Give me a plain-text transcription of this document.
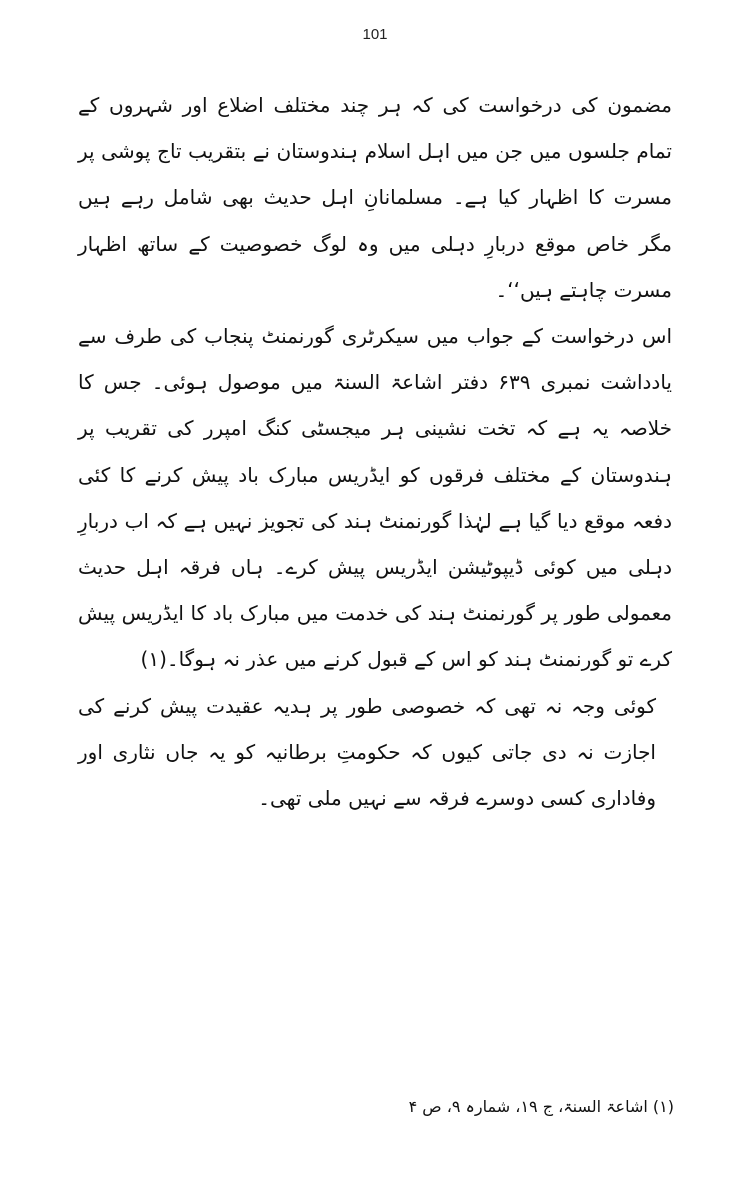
101

مضمون کی درخواست کی کہ ہر چند مختلف اضلاع اور شہروں کے تمام جلسوں میں جن میں اہل اسلام ہندوستان نے بتقریب تاج پوشی پر مسرت کا اظہار کیا ہے۔ مسلمانانِ اہل حدیث بھی شامل رہے ہیں مگر خاص موقع دربارِ دہلی میں وہ لوگ خصوصیت کے ساتھ اظہار مسرت چاہتے ہیں‘‘۔

اس درخواست کے جواب میں سیکرٹری گورنمنٹ پنجاب کی طرف سے یادداشت نمبری ۶۳۹ دفتر اشاعۃ السنۃ میں موصول ہوئی۔ جس کا خلاصہ یہ ہے کہ تخت نشینی ہر میجسٹی کنگ امپرر کی تقریب پر ہندوستان کے مختلف فرقوں کو ایڈریس مبارک باد پیش کرنے کا کئی دفعہ موقع دیا گیا ہے لہٰذا گورنمنٹ ہند کی تجویز نہیں ہے کہ اب دربارِ دہلی میں کوئی ڈیپوٹیشن ایڈریس پیش کرے۔ ہاں فرقہ اہل حدیث معمولی طور پر گورنمنٹ ہند کی خدمت میں مبارک باد کا ایڈریس پیش کرے تو گورنمنٹ ہند کو اس کے قبول کرنے میں عذر نہ ہوگا۔(۱)

کوئی وجہ نہ تھی کہ خصوصی طور پر ہدیہ عقیدت پیش کرنے کی اجازت نہ دی جاتی کیوں کہ حکومتِ برطانیہ کو یہ جاں نثاری اور وفاداری کسی دوسرے فرقہ سے نہیں ملی تھی۔

(۱) اشاعۃ السنۃ، ج ۱۹، شمارہ ۹، ص ۴
